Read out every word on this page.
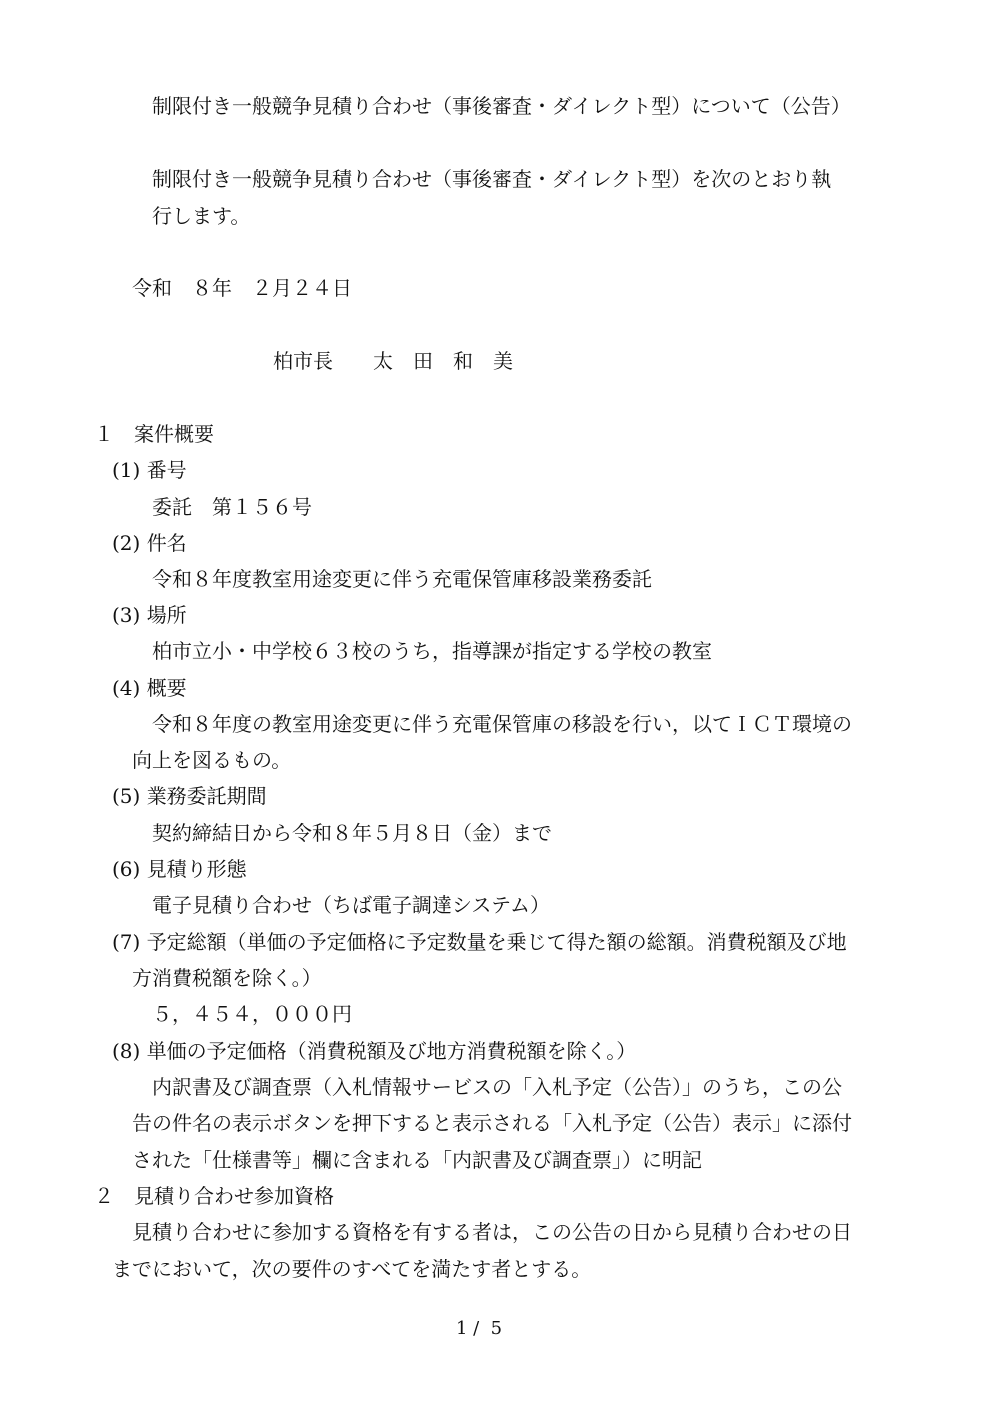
制限付き一般競争見積り合わせ（事後審査・ダイレクト型）について（公告）
制限付き一般競争見積り合わせ（事後審査・ダイレクト型）を次のとおり執
行します。
令和　８年　２月２４日
柏市長　　太　田　和　美
１　案件概要
(1) 番号
委託　第１５６号
(2) 件名
令和８年度教室用途変更に伴う充電保管庫移設業務委託
(3) 場所
柏市立小・中学校６３校のうち，指導課が指定する学校の教室
(4) 概要
令和８年度の教室用途変更に伴う充電保管庫の移設を行い，以てＩＣＴ環境の
向上を図るもの。
(5) 業務委託期間
契約締結日から令和８年５月８日（金）まで
(6) 見積り形態
電子見積り合わせ（ちば電子調達システム）
(7) 予定総額（単価の予定価格に予定数量を乗じて得た額の総額。消費税額及び地
方消費税額を除く。）
５，４５４，０００円
(8) 単価の予定価格（消費税額及び地方消費税額を除く。）
内訳書及び調査票（入札情報サービスの「入札予定（公告）」のうち，この公
告の件名の表示ボタンを押下すると表示される「入札予定（公告）表示」に添付
された「仕様書等」欄に含まれる「内訳書及び調査票」）に明記
２　見積り合わせ参加資格
見積り合わせに参加する資格を有する者は，この公告の日から見積り合わせの日
までにおいて，次の要件のすべてを満たす者とする。
1 /  5
